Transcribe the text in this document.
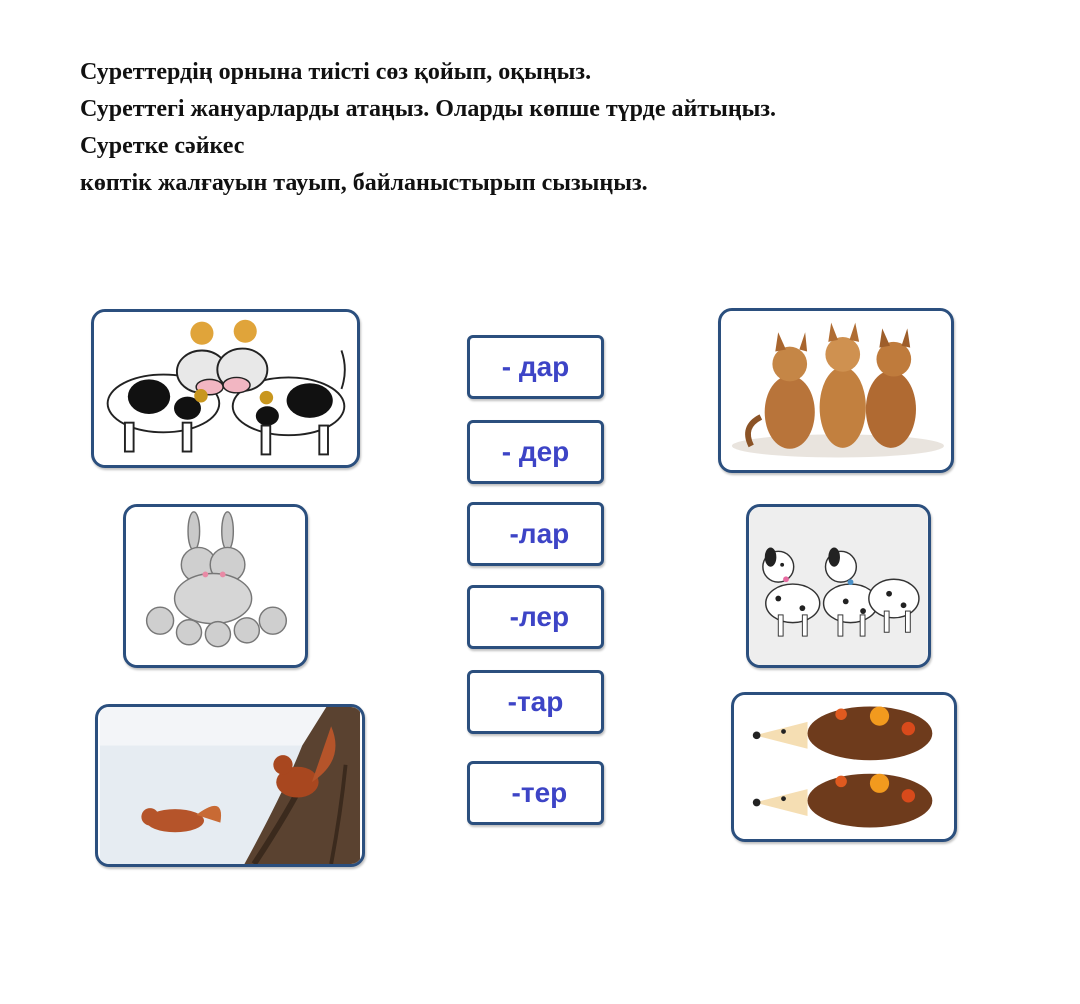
Суреттердің орнына тиісті сөз қойып, оқыңыз.

Суреттегі жануарларды атаңыз. Оларды көпше түрде айтыңыз.

Суретке сәйкес

көптік жалғауын тауып, байланыстырып сызыңыз.

- дар
- дер
-лар
-лер
-тар
-тер
